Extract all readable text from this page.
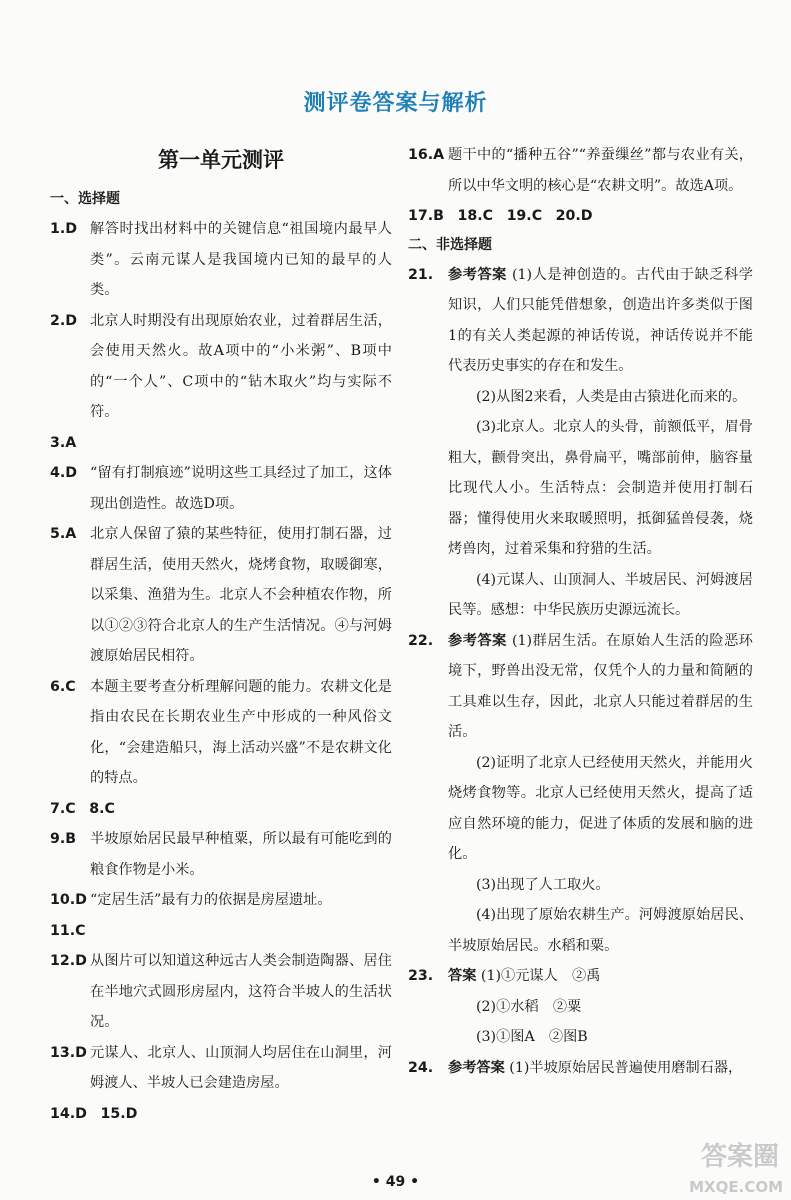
测评卷答案与解析
第一单元测评
一、选择题
1.D 解答时找出材料中的关键信息“祖国境内最早人类”。云南元谋人是我国境内已知的最早的人类。
2.D 北京人时期没有出现原始农业，过着群居生活，会使用天然火。故A项中的“小米粥”、B项中的“一个人”、C项中的“钻木取火”均与实际不符。
3.A

4.D “留有打制痕迹”说明这些工具经过了加工，这体现出创造性。故选D项。
5.A 北京人保留了猿的某些特征，使用打制石器，过群居生活，使用天然火，烧烤食物，取暖御寒，以采集、渔猎为生。北京人不会种植农作物，所以①②③符合北京人的生产生活情况。④与河姆渡原始居民相符。
6.C 本题主要考查分析理解问题的能力。农耕文化是指由农民在长期农业生产中形成的一种风俗文化，“会建造船只，海上活动兴盛”不是农耕文化的特点。
7.C 8.C
9.B 半坡原始居民最早种植粟，所以最有可能吃到的粮食作物是小米。
10.D “定居生活”最有力的依据是房屋遗址。
11.C

12.D 从图片可以知道这种远古人类会制造陶器、居住在半地穴式圆形房屋内，这符合半坡人的生活状况。
13.D 元谋人、北京人、山顶洞人均居住在山洞里，河姆渡人、半坡人已会建造房屋。
14.D 15.D
16.A 题干中的“播种五谷”“养蚕缫丝”都与农业有关，所以中华文明的核心是“农耕文明”。故选A项。
17.B 18.C 19.C 20.D
二、非选择题
21. 参考答案 (1)人是神创造的。古代由于缺乏科学知识，人们只能凭借想象，创造出许多类似于图1的有关人类起源的神话传说，神话传说并不能代表历史事实的存在和发生。
(2)从图2来看，人类是由古猿进化而来的。
(3)北京人。北京人的头骨，前额低平，眉骨粗大，颧骨突出，鼻骨扁平，嘴部前伸，脑容量比现代人小。生活特点：会制造并使用打制石器；懂得使用火来取暖照明，抵御猛兽侵袭，烧烤兽肉，过着采集和狩猎的生活。
(4)元谋人、山顶洞人、半坡居民、河姆渡居民等。感想：中华民族历史源远流长。
22. 参考答案 (1)群居生活。在原始人生活的险恶环境下，野兽出没无常，仅凭个人的力量和简陋的工具难以生存，因此，北京人只能过着群居的生活。
(2)证明了北京人已经使用天然火，并能用火烧烤食物等。北京人已经使用天然火，提高了适应自然环境的能力，促进了体质的发展和脑的进化。
(3)出现了人工取火。
(4)出现了原始农耕生产。河姆渡原始居民、半坡原始居民。水稻和粟。
23. 答案 (1)①元谋人　②禹
(2)①水稻　②粟
(3)①图A　②图B
24. 参考答案 (1)半坡原始居民普遍使用磨制石器，
• 49 •
答案圈
MXQE.COM
